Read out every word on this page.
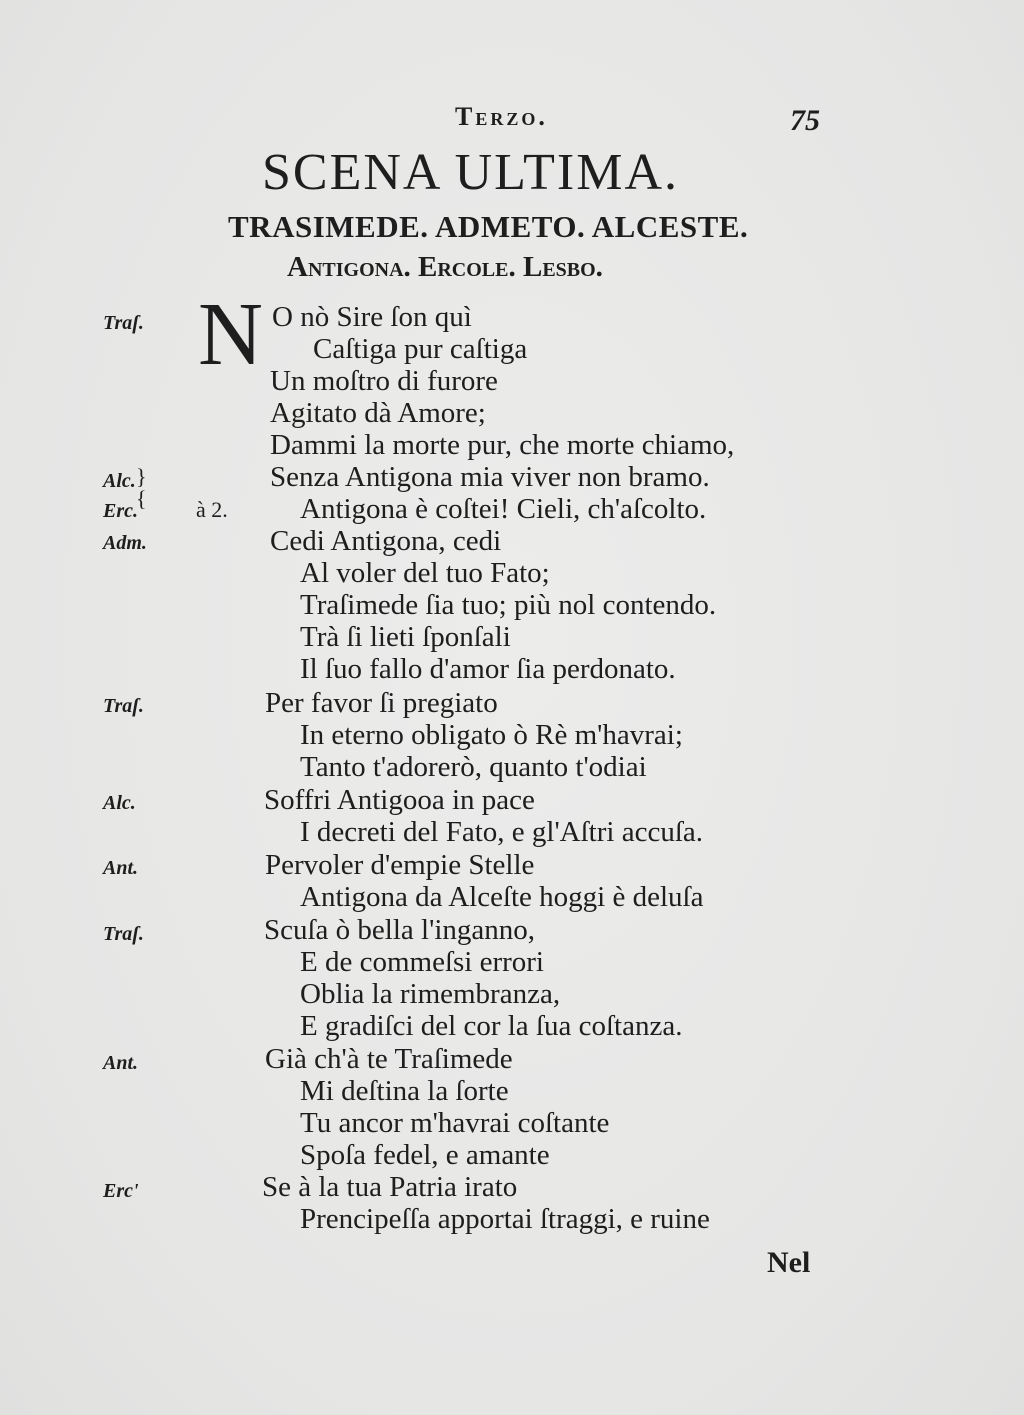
Terzo.	75
SCENA ULTIMA.
TRASIMEDE. ADMETO. ALCESTE.
Antigona. Ercole. Lesbo.
N
Traſ.
Alc.
Erc.
Adm.
Traſ.
Alc.
Ant.
Traſ.
Ant.
Erc'
}
{ à 2.
O nò Sire ſon quì
Caſtiga pur caſtiga
Un moſtro di furore
Agitato dà Amore;
Dammi la morte pur, che morte chiamo,
Senza Antigona mia viver non bramo.
Antigona è coſtei! Cieli, ch'aſcolto.
Cedi Antigona, cedi
Al voler del tuo Fato;
Traſimede ſia tuo; più nol contendo.
Trà ſi lieti ſponſali
Il ſuo fallo d'amor ſia perdonato.
Per favor ſi pregiato
In eterno obligato ò Rè m'havrai;
Tanto t'adorerò, quanto t'odiai
Soffri Antigooa in pace
I decreti del Fato, e gl'Aſtri accuſa.
Pervoler d'empie Stelle
Antigona da Alceſte hoggi è deluſa
Scuſa ò bella l'inganno,
E de commeſsi errori
Oblia la rimembranza,
E gradiſci del cor la ſua coſtanza.
Già ch'à te Traſimede
Mi deſtina la ſorte
Tu ancor m'havrai coſtante
Spoſa fedel, e amante
Se à la tua Patria irato
Prencipeſſa apportai ſtraggi, e ruine
Nel
